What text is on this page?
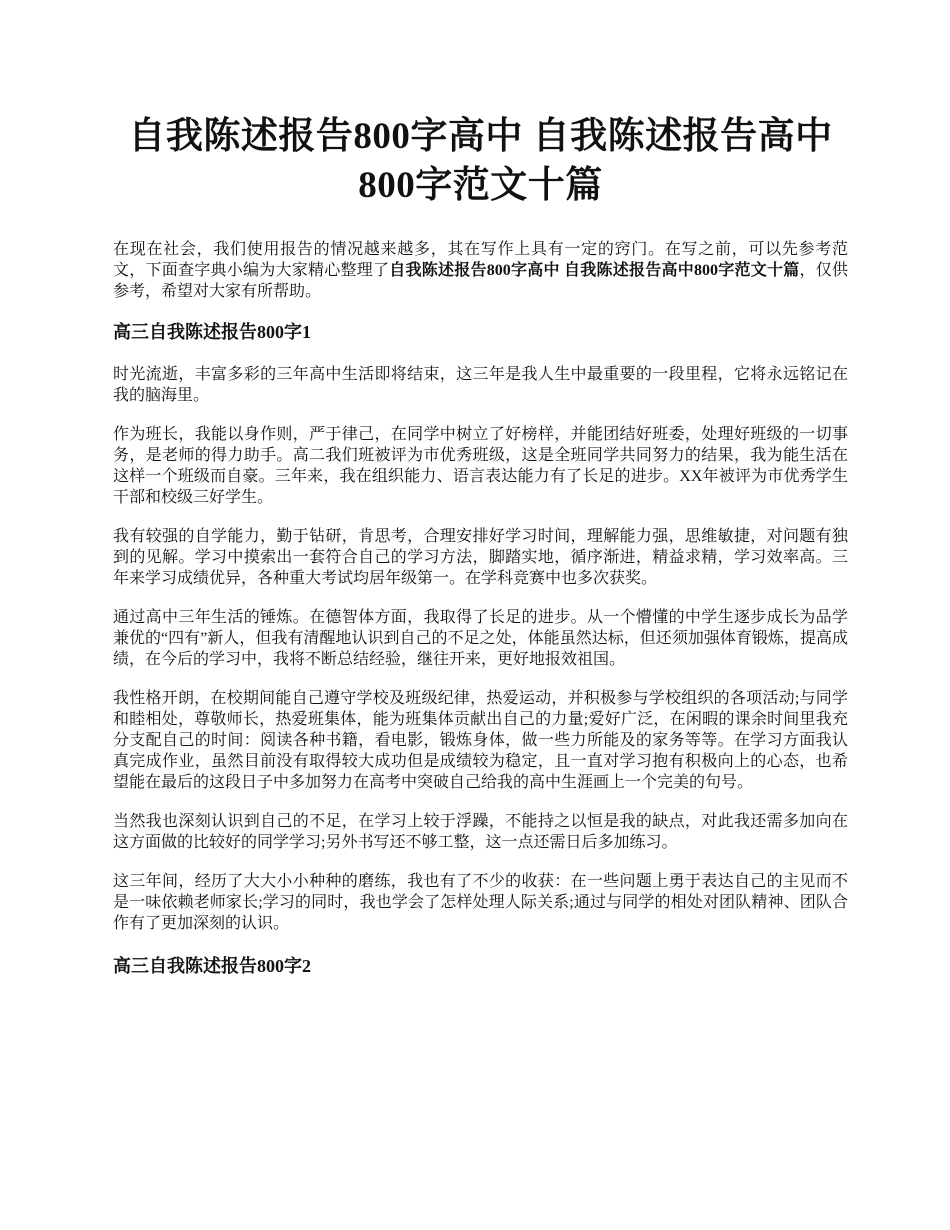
自我陈述报告800字高中 自我陈述报告高中800字范文十篇

在现在社会，我们使用报告的情况越来越多，其在写作上具有一定的窍门。在写之前，可以先参考范文，下面查字典小编为大家精心整理了自我陈述报告800字高中 自我陈述报告高中800字范文十篇，仅供参考，希望对大家有所帮助。

高三自我陈述报告800字1

时光流逝，丰富多彩的三年高中生活即将结束，这三年是我人生中最重要的一段里程，它将永远铭记在我的脑海里。

作为班长，我能以身作则，严于律己，在同学中树立了好榜样，并能团结好班委，处理好班级的一切事务，是老师的得力助手。高二我们班被评为市优秀班级，这是全班同学共同努力的结果，我为能生活在这样一个班级而自豪。三年来，我在组织能力、语言表达能力有了长足的进步。XX年被评为市优秀学生干部和校级三好学生。

我有较强的自学能力，勤于钻研，肯思考，合理安排好学习时间，理解能力强，思维敏捷，对问题有独到的见解。学习中摸索出一套符合自己的学习方法，脚踏实地，循序渐进，精益求精，学习效率高。三年来学习成绩优异，各种重大考试均居年级第一。在学科竞赛中也多次获奖。

通过高中三年生活的锤炼。在德智体方面，我取得了长足的进步。从一个懵懂的中学生逐步成长为品学兼优的“四有”新人，但我有清醒地认识到自己的不足之处，体能虽然达标，但还须加强体育锻炼，提高成绩，在今后的学习中，我将不断总结经验，继往开来，更好地报效祖国。

我性格开朗，在校期间能自己遵守学校及班级纪律，热爱运动，并积极参与学校组织的各项活动;与同学和睦相处，尊敬师长，热爱班集体，能为班集体贡献出自己的力量;爱好广泛，在闲暇的课余时间里我充分支配自己的时间：阅读各种书籍，看电影，锻炼身体，做一些力所能及的家务等等。在学习方面我认真完成作业，虽然目前没有取得较大成功但是成绩较为稳定，且一直对学习抱有积极向上的心态，也希望能在最后的这段日子中多加努力在高考中突破自己给我的高中生涯画上一个完美的句号。

当然我也深刻认识到自己的不足，在学习上较于浮躁，不能持之以恒是我的缺点，对此我还需多加向在这方面做的比较好的同学学习;另外书写还不够工整，这一点还需日后多加练习。

这三年间，经历了大大小小种种的磨练，我也有了不少的收获：在一些问题上勇于表达自己的主见而不是一味依赖老师家长;学习的同时，我也学会了怎样处理人际关系;通过与同学的相处对团队精神、团队合作有了更加深刻的认识。

高三自我陈述报告800字2
